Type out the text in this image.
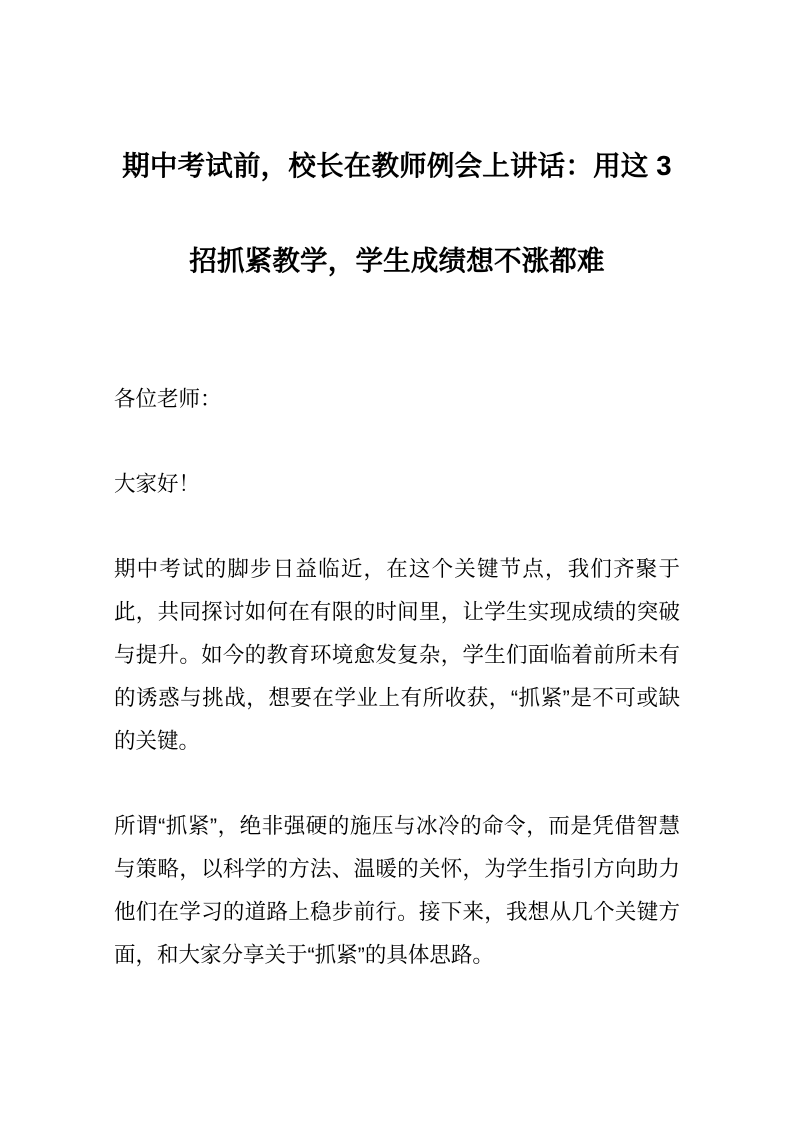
期中考试前，校长在教师例会上讲话：用这 3 招抓紧教学，学生成绩想不涨都难

各位老师：

大家好！

期中考试的脚步日益临近，在这个关键节点，我们齐聚于此，共同探讨如何在有限的时间里，让学生实现成绩的突破与提升。如今的教育环境愈发复杂，学生们面临着前所未有的诱惑与挑战，想要在学业上有所收获，“抓紧”是不可或缺的关键。

所谓“抓紧”，绝非强硬的施压与冰冷的命令，而是凭借智慧与策略，以科学的方法、温暖的关怀，为学生指引方向助力他们在学习的道路上稳步前行。接下来，我想从几个关键方面，和大家分享关于“抓紧”的具体思路。
